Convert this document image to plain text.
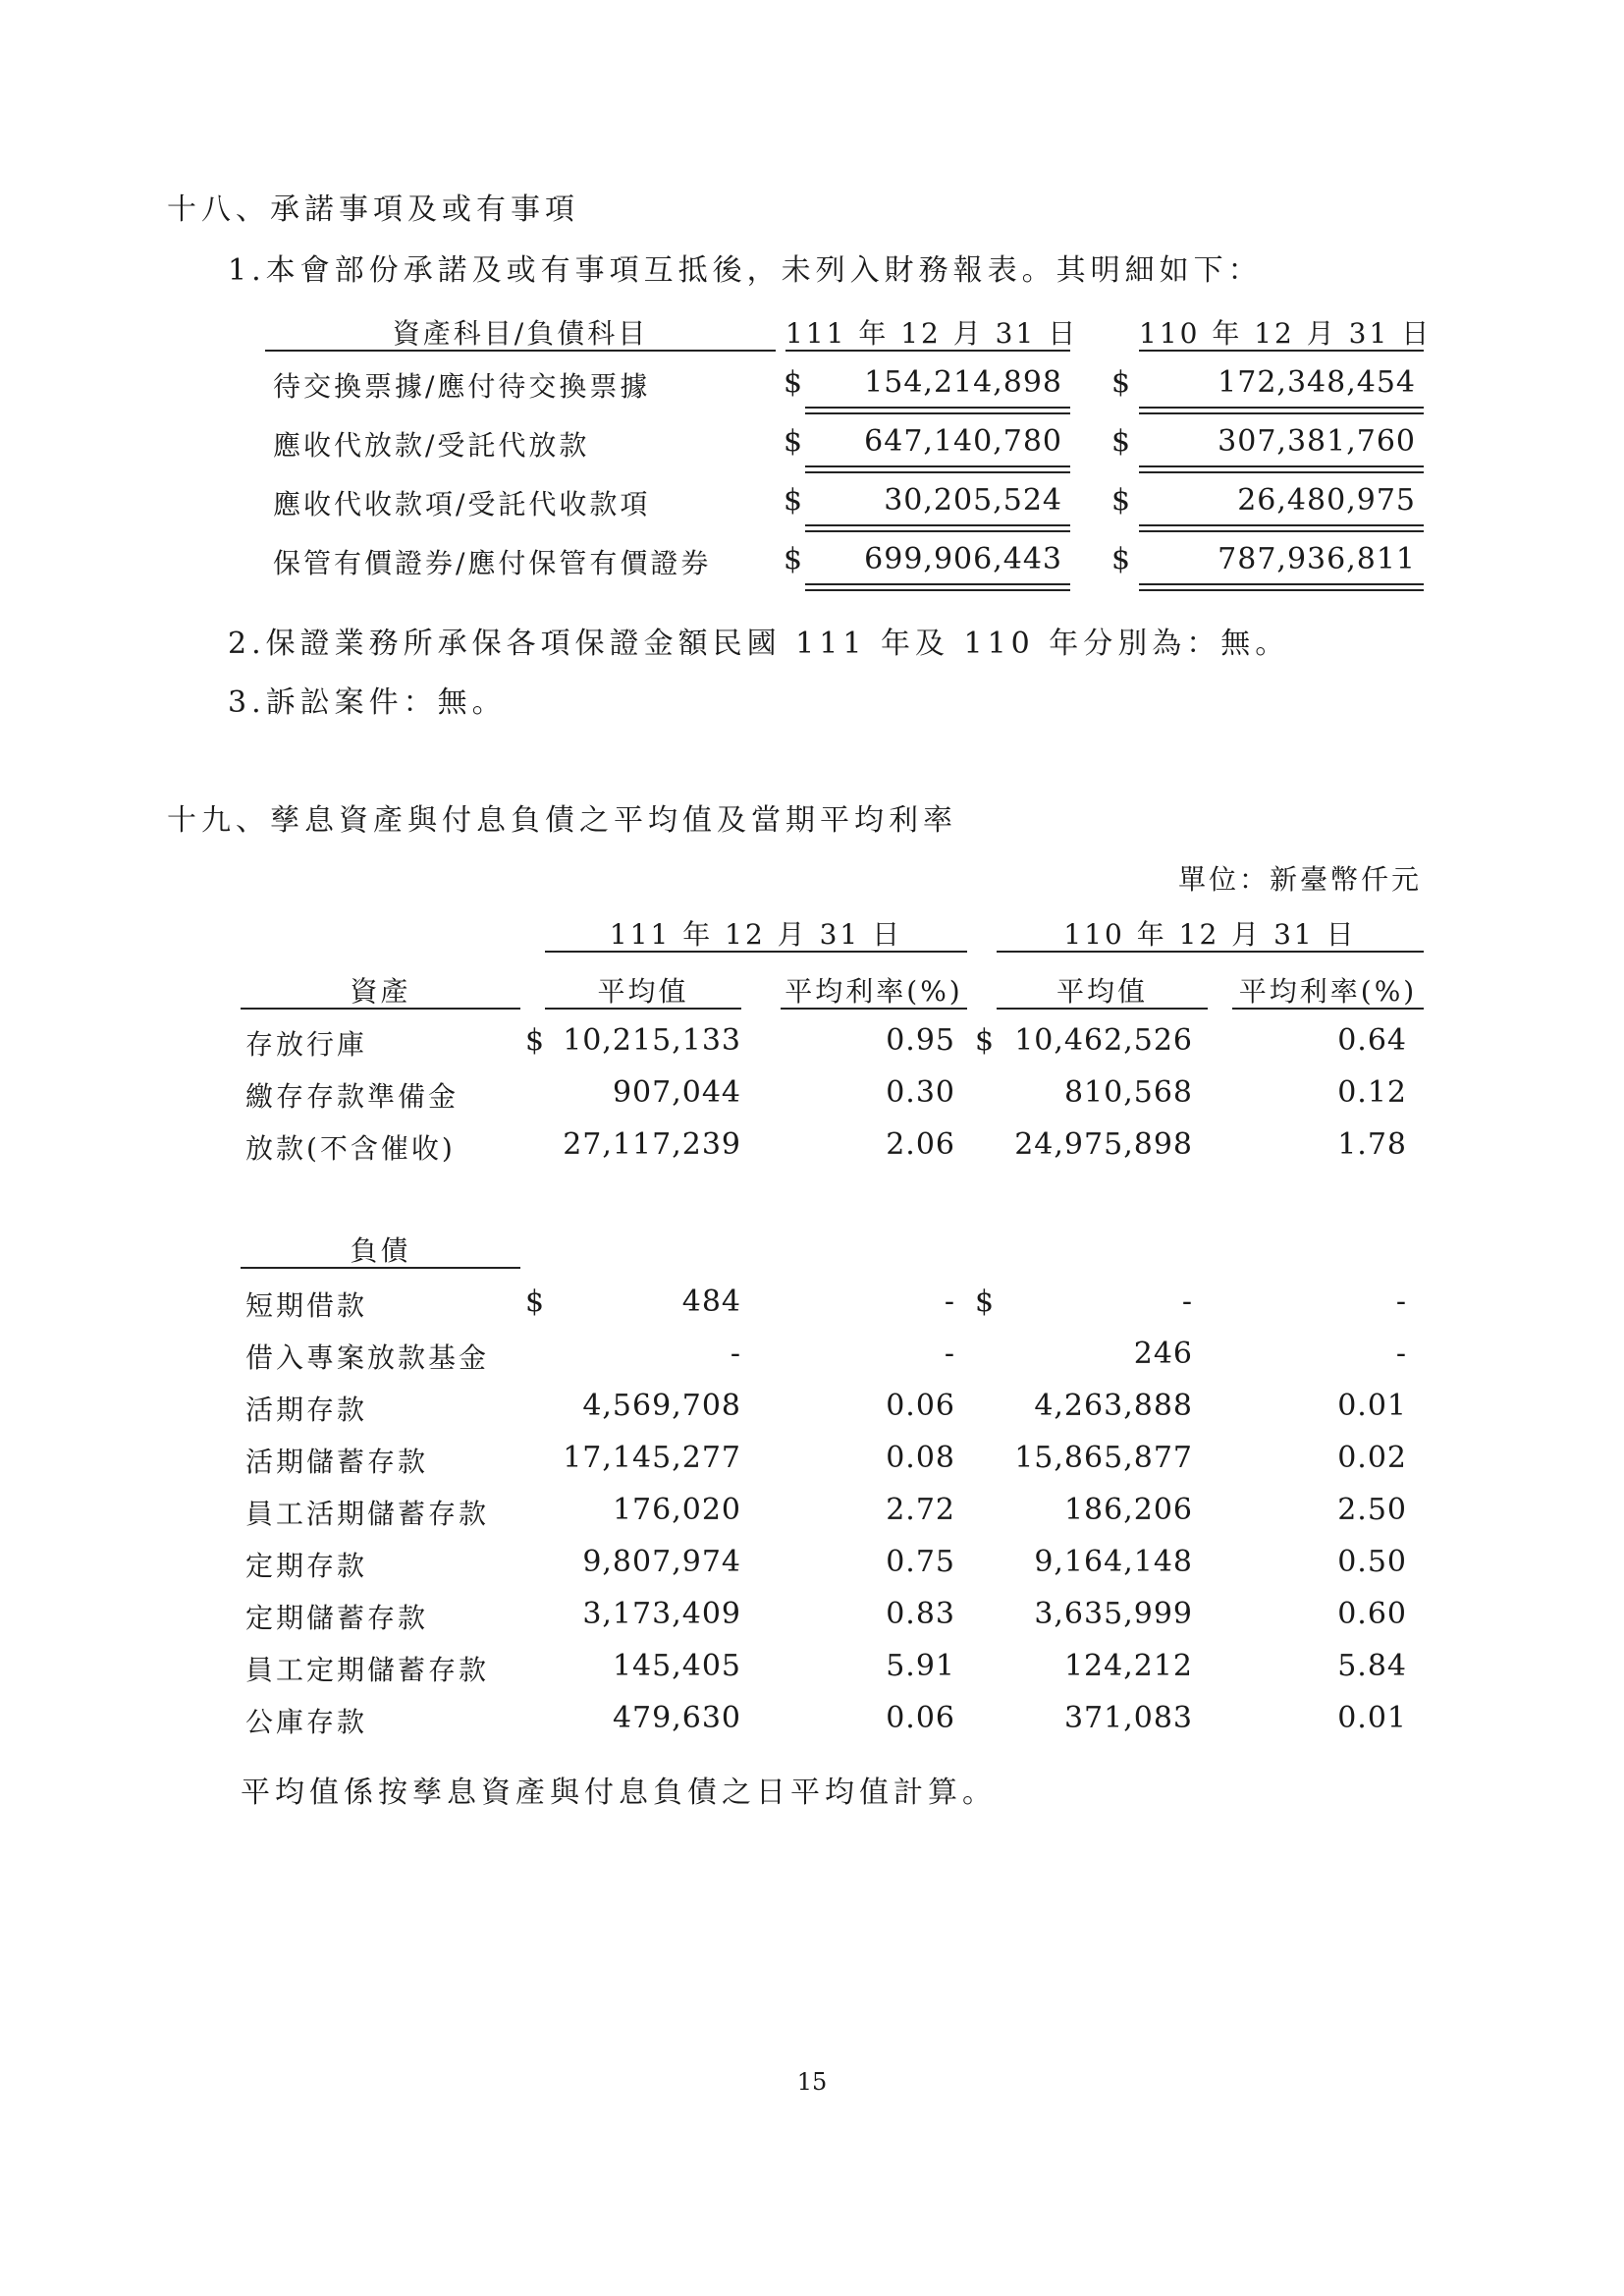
十八、承諾事項及或有事項
1.本會部份承諾及或有事項互抵後，未列入財務報表。其明細如下：
資產科目/負債科目	111 年 12 月 31 日 110 年 12 月 31 日
待交換票據/應付待交換票據	$	154,214,898 $	172,348,454
應收代放款/受託代放款	$	647,140,780 $	307,381,760
應收代收款項/受託代收款項	$	30,205,524 $	26,480,975
保管有價證券/應付保管有價證券 $	699,906,443 $	787,936,811
2.保證業務所承保各項保證金額民國 111 年及 110 年分別為：無。
3.訴訟案件：無。
十九、孳息資產與付息負債之平均值及當期平均利率
單位：新臺幣仟元
111 年 12 月 31 日	110 年 12 月 31 日
資產	平均值	平均利率(%)	平均值	平均利率(%)
存放行庫	$ 10,215,133	0.95 $ 10,462,526	0.64
繳存存款準備金	907,044	0.30	810,568	0.12
放款(不含催收)	27,117,239	2.06	24,975,898	1.78
負債
短期借款	$	484	- $	-	-
借入專案放款基金	-	-	246	-
活期存款	4,569,708	0.06	4,263,888	0.01
活期儲蓄存款	17,145,277	0.08	15,865,877	0.02
員工活期儲蓄存款	176,020	2.72	186,206	2.50
定期存款	9,807,974	0.75	9,164,148	0.50
定期儲蓄存款	3,173,409	0.83	3,635,999	0.60
員工定期儲蓄存款	145,405	5.91	124,212	5.84
公庫存款	479,630	0.06	371,083	0.01
平均值係按孳息資產與付息負債之日平均值計算。
15
